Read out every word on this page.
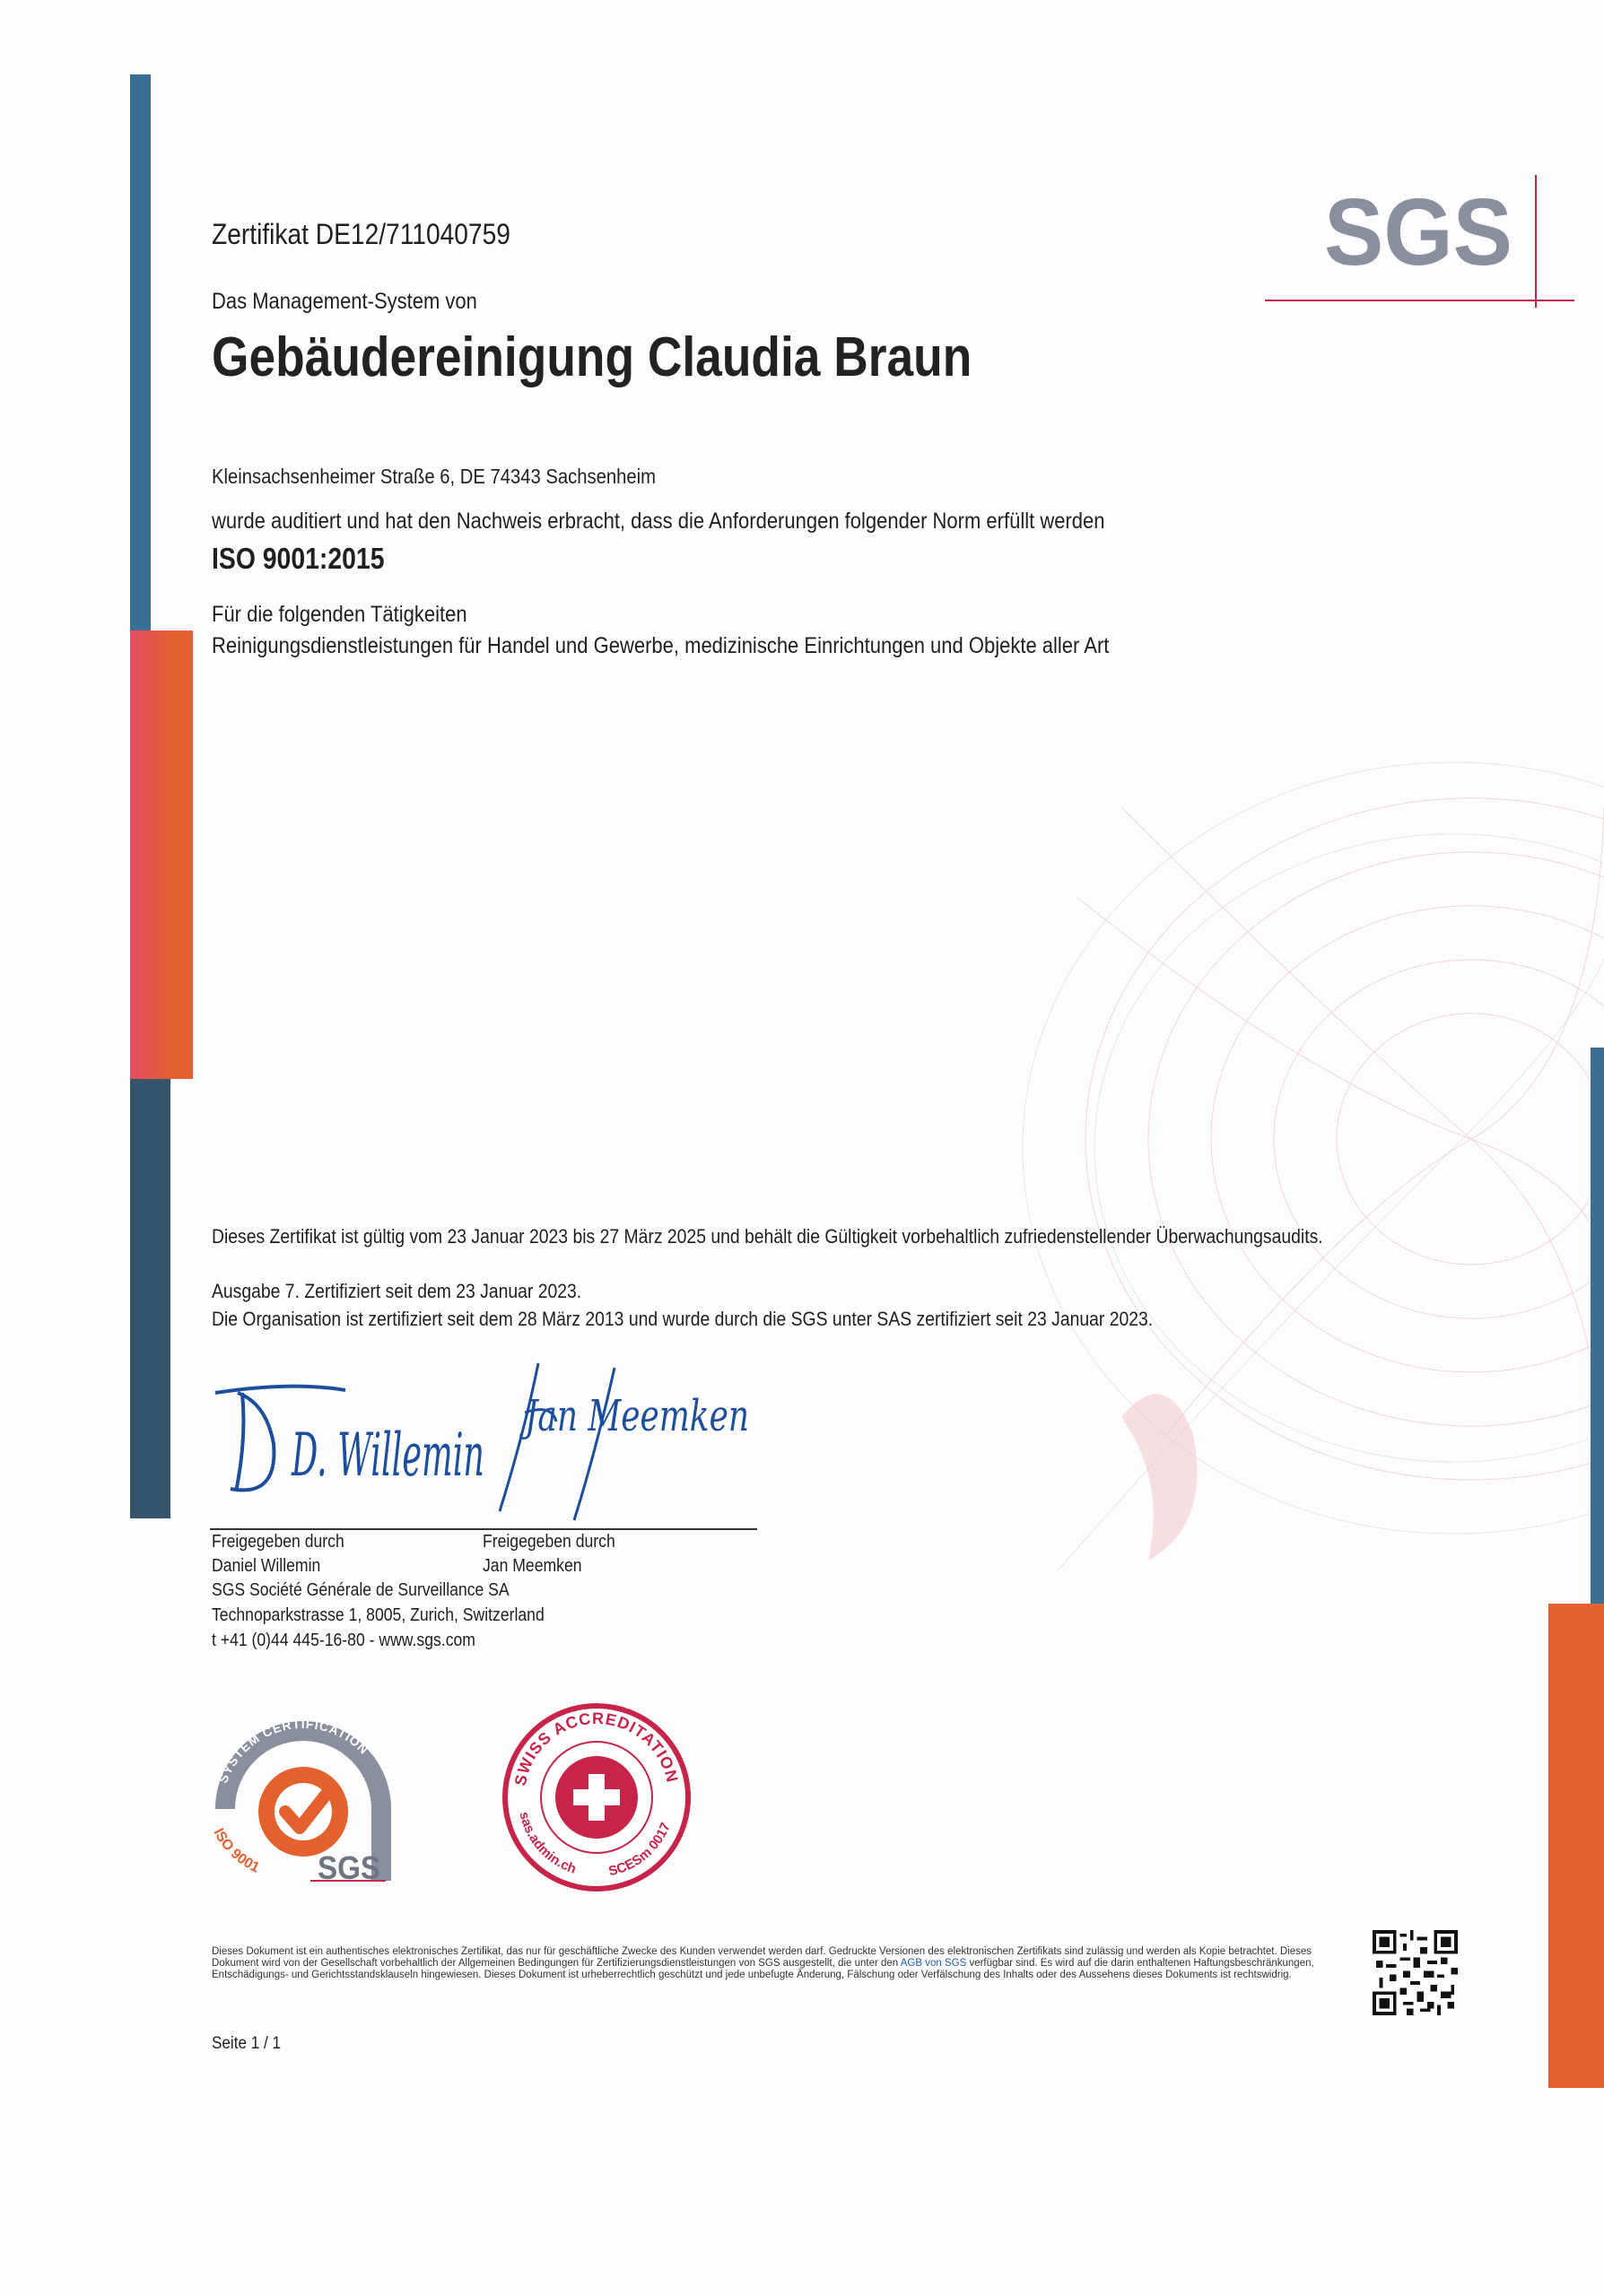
SGS
Zertifikat DE12/711040759
Das Management-System von
Gebäudereinigung Claudia Braun
Kleinsachsenheimer Straße 6, DE 74343 Sachsenheim
wurde auditiert und hat den Nachweis erbracht, dass die Anforderungen folgender Norm erfüllt werden
ISO 9001:2015
Für die folgenden Tätigkeiten
Reinigungsdienstleistungen für Handel und Gewerbe, medizinische Einrichtungen und Objekte aller Art
Dieses Zertifikat ist gültig vom 23 Januar 2023 bis 27 März 2025 und behält die Gültigkeit vorbehaltlich zufriedenstellender Überwachungsaudits.
Ausgabe 7. Zertifiziert seit dem 23 Januar 2023.
Die Organisation ist zertifiziert seit dem 28 März 2013 und wurde durch die SGS unter SAS zertifiziert seit 23 Januar 2023.
D. Willemin
Jan Meemken
Freigegeben durch
Daniel Willemin
Freigegeben durch
Jan Meemken
SGS Société Générale de Surveillance SA
Technoparkstrasse 1, 8005, Zurich, Switzerland
t +41 (0)44 445-16-80 - www.sgs.com
SYSTEM CERTIFICATION
ISO 9001 SGS
SWISS ACCREDITATION
sas.admin.ch SCESm 0017
Dieses Dokument ist ein authentisches elektronisches Zertifikat, das nur für geschäftliche Zwecke des Kunden verwendet werden darf. Gedruckte Versionen des elektronischen Zertifikats sind zulässig und werden als Kopie betrachtet. Dieses Dokument wird von der Gesellschaft vorbehaltlich der Allgemeinen Bedingungen für Zertifizierungsdienstleistungen von SGS ausgestellt, die unter den AGB von SGS verfügbar sind. Es wird auf die darin enthaltenen Haftungsbeschränkungen, Entschädigungs- und Gerichtsstandsklauseln hingewiesen. Dieses Dokument ist urheberrechtlich geschützt und jede unbefugte Änderung, Fälschung oder Verfälschung des Inhalts oder des Aussehens dieses Dokuments ist rechtswidrig.
Seite 1 / 1
